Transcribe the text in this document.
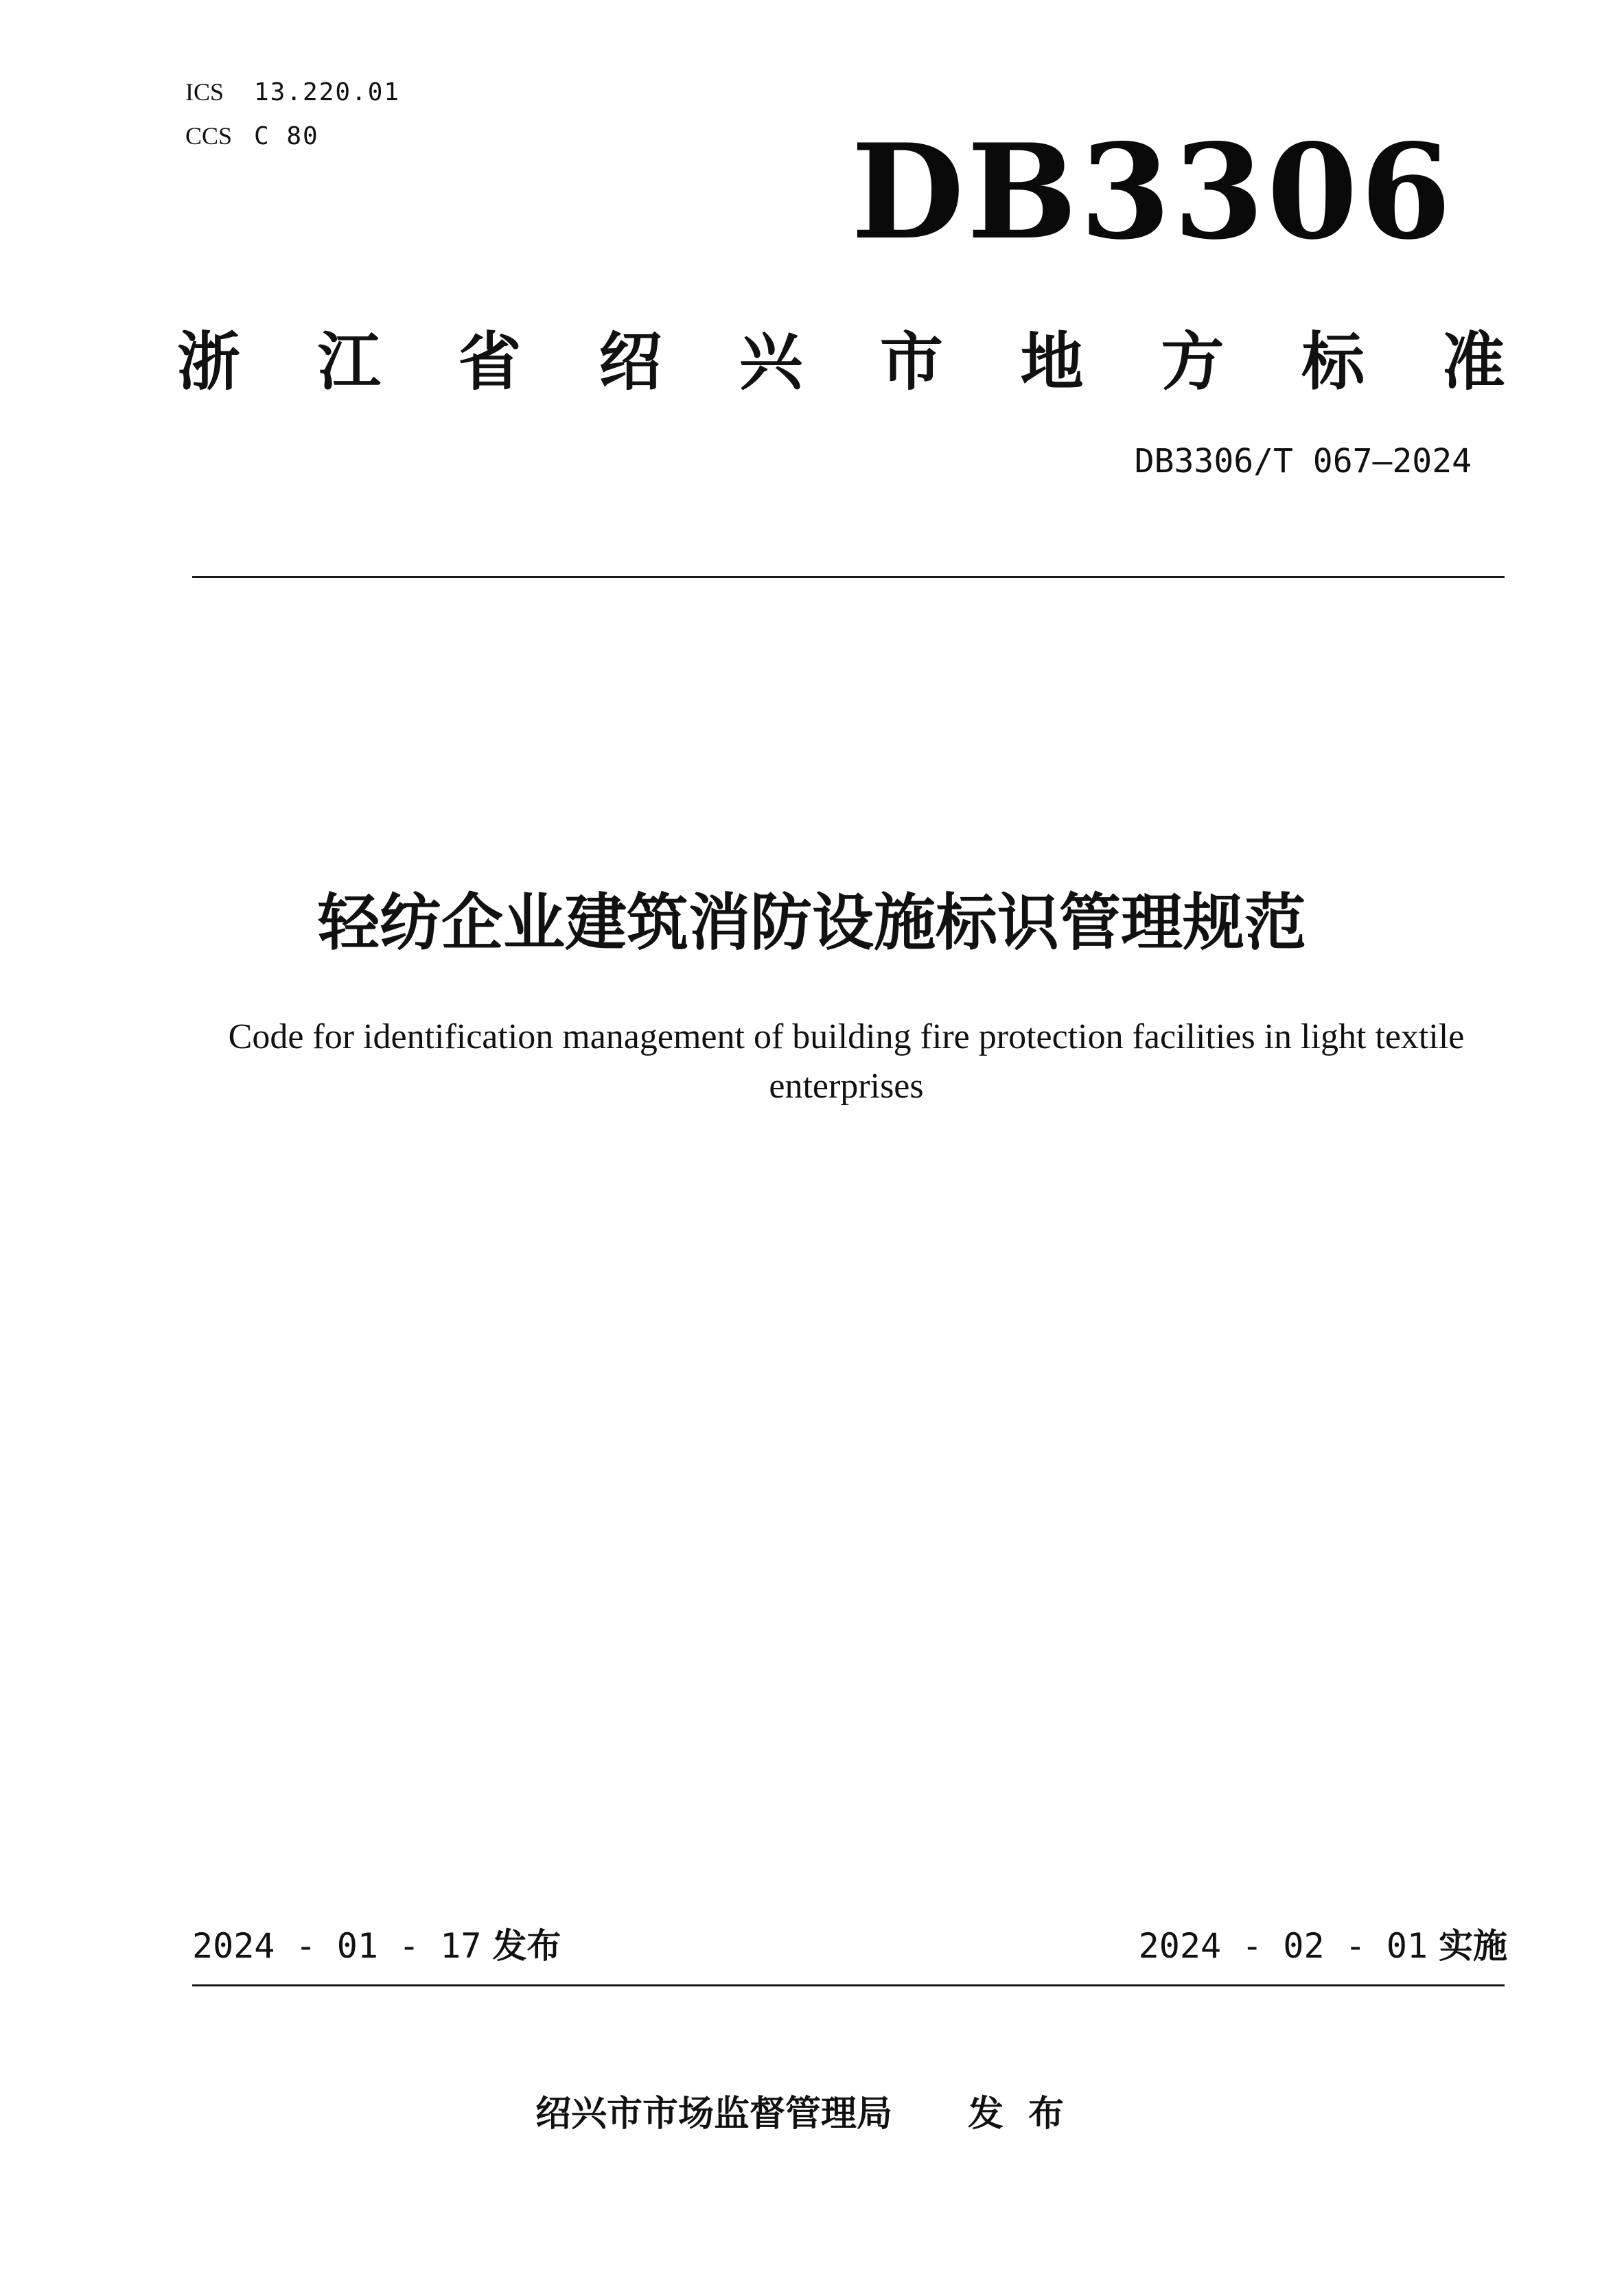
ICS 13.220.01
CCS C 80	DB3306
浙 江 省 绍 兴 市 地 方 标 准
DB3306/T 067—2024
轻纺企业建筑消防设施标识管理规范
Code for identification management of building fire protection facilities in light textile enterprises
2024 - 01 - 17 发布	2024 - 02 - 01 实施
绍兴市市场监督管理局 发布
